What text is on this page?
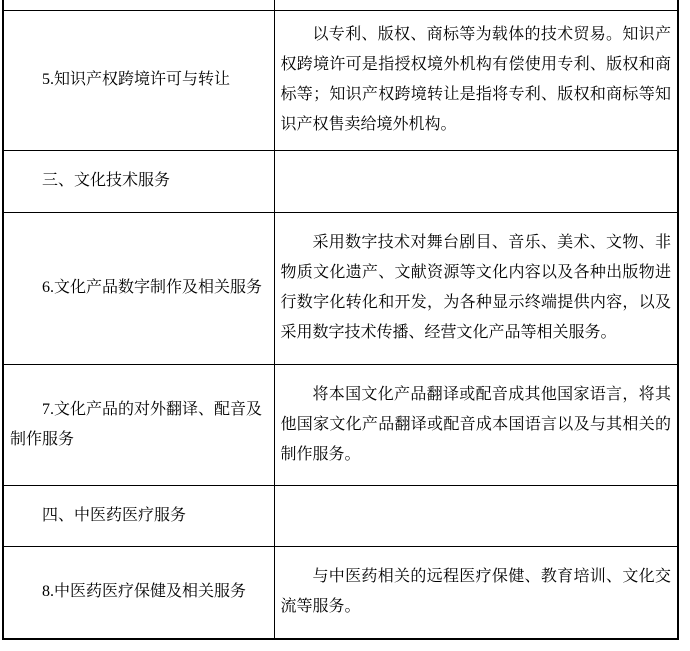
5.知识产权跨境许可与转让	以专利、版权、商标等为载体的技术贸易。知识产权跨境许可是指授权境外机构有偿使用专利、版权和商标等；知识产权跨境转让是指将专利、版权和商标等知识产权售卖给境外机构。

三、文化技术服务	

6.文化产品数字制作及相关服务	采用数字技术对舞台剧目、音乐、美术、文物、非物质文化遗产、文献资源等文化内容以及各种出版物进行数字化转化和开发，为各种显示终端提供内容，以及采用数字技术传播、经营文化产品等相关服务。

7.文化产品的对外翻译、配音及制作服务	将本国文化产品翻译或配音成其他国家语言，将其他国家文化产品翻译或配音成本国语言以及与其相关的制作服务。

四、中医药医疗服务	

8.中医药医疗保健及相关服务	与中医药相关的远程医疗保健、教育培训、文化交流等服务。
